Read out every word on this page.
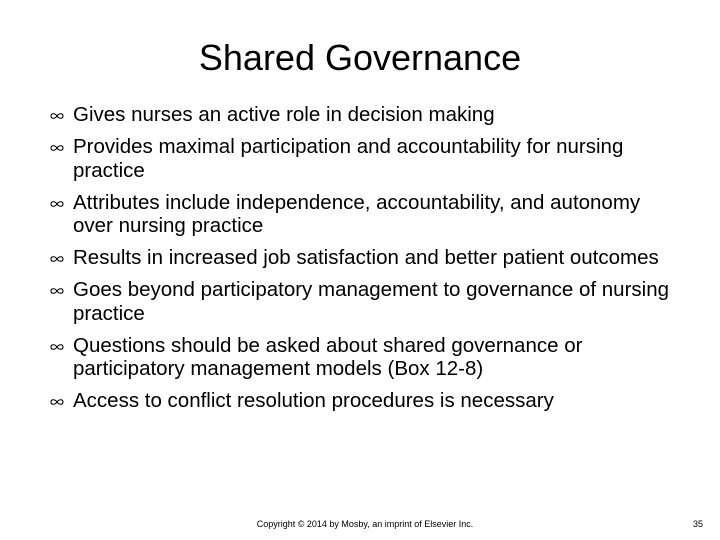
Shared Governance
Gives nurses an active role in decision making
Provides maximal participation and accountability for nursing practice
Attributes include independence, accountability, and autonomy over nursing practice
Results in increased job satisfaction and better patient outcomes
Goes beyond participatory management to governance of nursing practice
Questions should be asked about shared governance or participatory management models (Box 12-8)
Access to conflict resolution procedures is necessary
Copyright © 2014 by Mosby, an imprint of Elsevier Inc.	35
